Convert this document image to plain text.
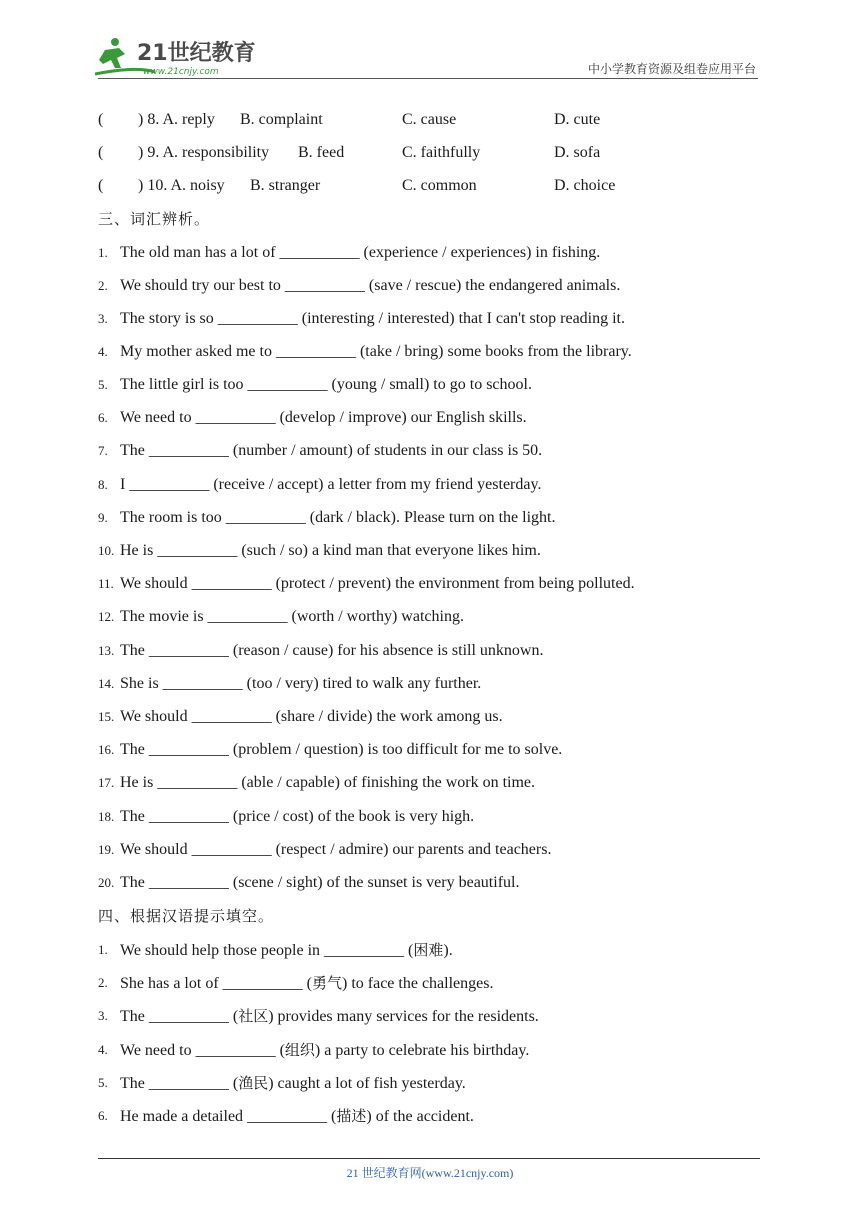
21世纪教育
www.21cnjy.com	中小学教育资源及组卷应用平台
( ) 8. A. reply B. complaint	C. cause	D. cute
( ) 9. A. responsibility B. feed	C. faithfully	D. sofa
( ) 10. A. noisy B. stranger	C. common	D. choice
三、词汇辨析。
1. The old man has a lot of __________ (experience / experiences) in fishing.
2. We should try our best to __________ (save / rescue) the endangered animals.
3. The story is so __________ (interesting / interested) that I can't stop reading it.
4. My mother asked me to __________ (take / bring) some books from the library.
5. The little girl is too __________ (young / small) to go to school.
6. We need to __________ (develop / improve) our English skills.
7. The __________ (number / amount) of students in our class is 50.
8. I __________ (receive / accept) a letter from my friend yesterday.
9. The room is too __________ (dark / black). Please turn on the light.
10. He is __________ (such / so) a kind man that everyone likes him.
11. We should __________ (protect / prevent) the environment from being polluted.
12. The movie is __________ (worth / worthy) watching.
13. The __________ (reason / cause) for his absence is still unknown.
14. She is __________ (too / very) tired to walk any further.
15. We should __________ (share / divide) the work among us.
16. The __________ (problem / question) is too difficult for me to solve.
17. He is __________ (able / capable) of finishing the work on time.
18. The __________ (price / cost) of the book is very high.
19. We should __________ (respect / admire) our parents and teachers.
20. The __________ (scene / sight) of the sunset is very beautiful.
四、根据汉语提示填空。
1. We should help those people in __________ (困难).
2. She has a lot of __________ (勇气) to face the challenges.
3. The __________ (社区) provides many services for the residents.
4. We need to __________ (组织) a party to celebrate his birthday.
5. The __________ (渔民) caught a lot of fish yesterday.
6. He made a detailed __________ (描述) of the accident.
21 世纪教育网(www.21cnjy.com)
